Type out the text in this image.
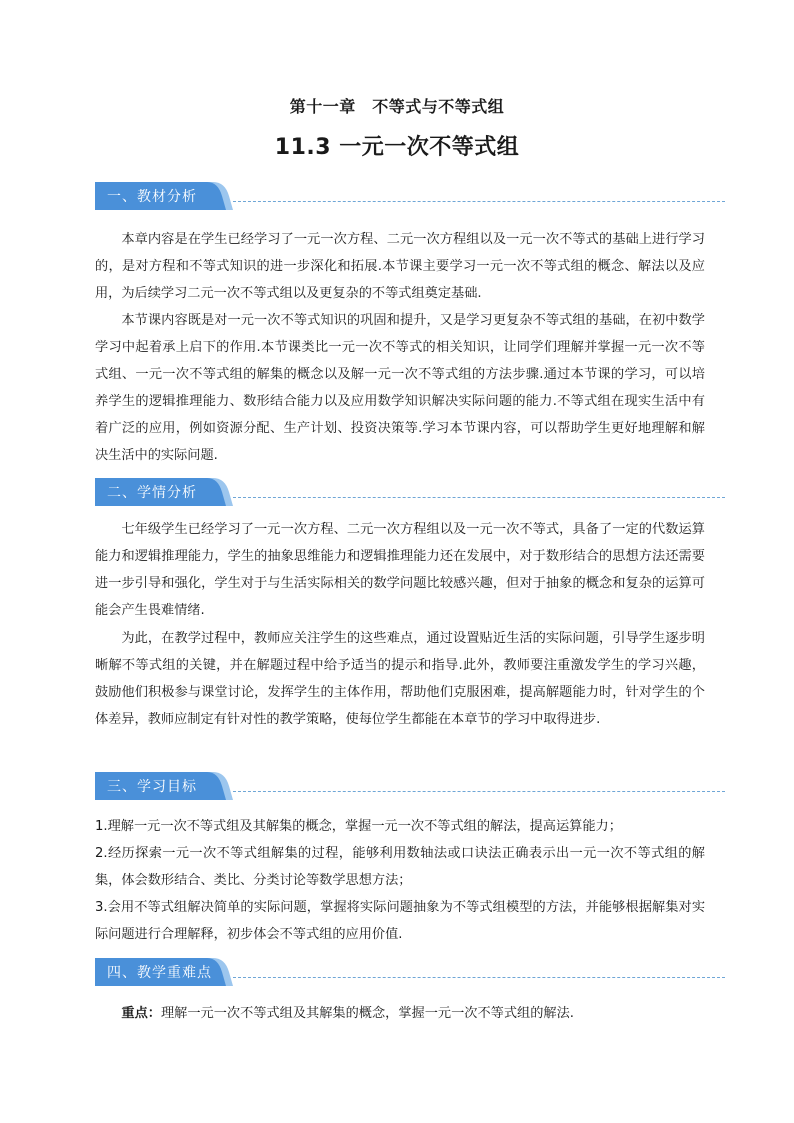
第十一章　不等式与不等式组
11.3 一元一次不等式组
一、教材分析

本章内容是在学生已经学习了一元一次方程、二元一次方程组以及一元一次不等式的基础上进行学习的，是对方程和不等式知识的进一步深化和拓展.本节课主要学习一元一次不等式组的概念、解法以及应用，为后续学习二元一次不等式组以及更复杂的不等式组奠定基础.

本节课内容既是对一元一次不等式知识的巩固和提升，又是学习更复杂不等式组的基础，在初中数学学习中起着承上启下的作用.本节课类比一元一次不等式的相关知识，让同学们理解并掌握一元一次不等式组、一元一次不等式组的解集的概念以及解一元一次不等式组的方法步骤.通过本节课的学习，可以培养学生的逻辑推理能力、数形结合能力以及应用数学知识解决实际问题的能力.不等式组在现实生活中有着广泛的应用，例如资源分配、生产计划、投资决策等.学习本节课内容，可以帮助学生更好地理解和解决生活中的实际问题.

二、学情分析

七年级学生已经学习了一元一次方程、二元一次方程组以及一元一次不等式，具备了一定的代数运算能力和逻辑推理能力，学生的抽象思维能力和逻辑推理能力还在发展中，对于数形结合的思想方法还需要进一步引导和强化，学生对于与生活实际相关的数学问题比较感兴趣，但对于抽象的概念和复杂的运算可能会产生畏难情绪.

为此，在教学过程中，教师应关注学生的这些难点，通过设置贴近生活的实际问题，引导学生逐步明晰解不等式组的关键，并在解题过程中给予适当的提示和指导.此外，教师要注重激发学生的学习兴趣，鼓励他们积极参与课堂讨论，发挥学生的主体作用，帮助他们克服困难，提高解题能力时，针对学生的个体差异，教师应制定有针对性的教学策略，使每位学生都能在本章节的学习中取得进步.

三、学习目标

1.理解一元一次不等式组及其解集的概念，掌握一元一次不等式组的解法，提高运算能力；

2.经历探索一元一次不等式组解集的过程，能够利用数轴法或口诀法正确表示出一元一次不等式组的解集，体会数形结合、类比、分类讨论等数学思想方法；

3.会用不等式组解决简单的实际问题，掌握将实际问题抽象为不等式组模型的方法，并能够根据解集对实际问题进行合理解释，初步体会不等式组的应用价值.

四、教学重难点

重点：理解一元一次不等式组及其解集的概念，掌握一元一次不等式组的解法.
